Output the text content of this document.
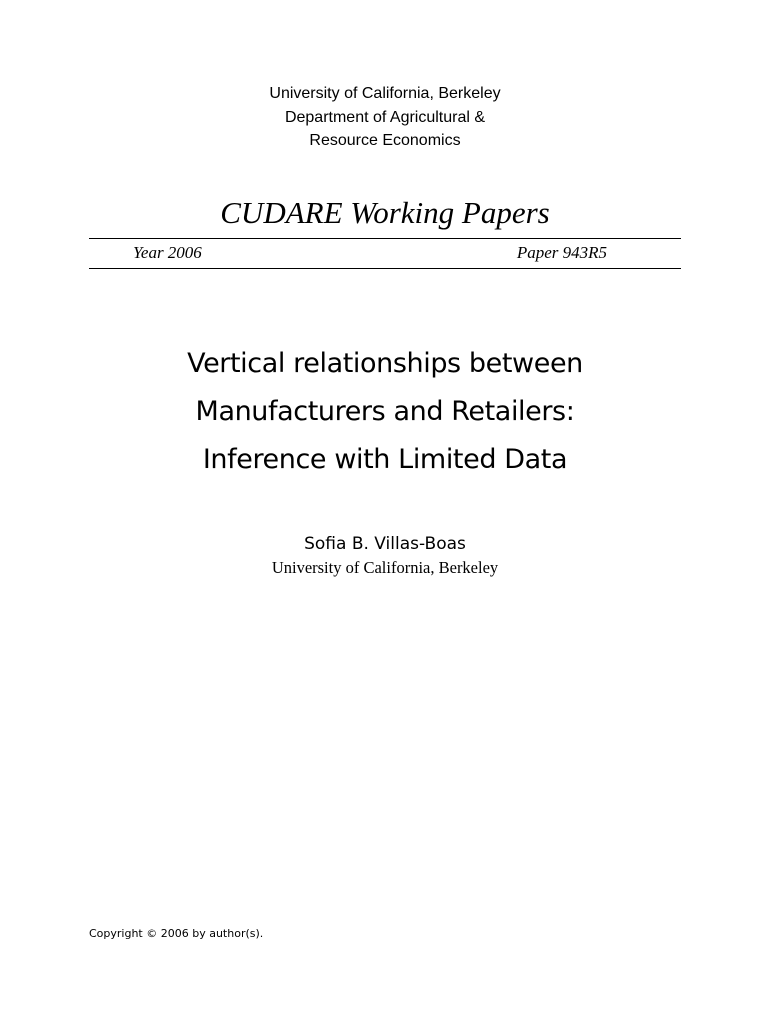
University of California, Berkeley
Department of Agricultural &
Resource Economics
CUDARE Working Papers
Year 2006	Paper 943R5
Vertical relationships between
Manufacturers and Retailers:
Inference with Limited Data
Sofia B. Villas-Boas
University of California, Berkeley
Copyright © 2006 by author(s).
